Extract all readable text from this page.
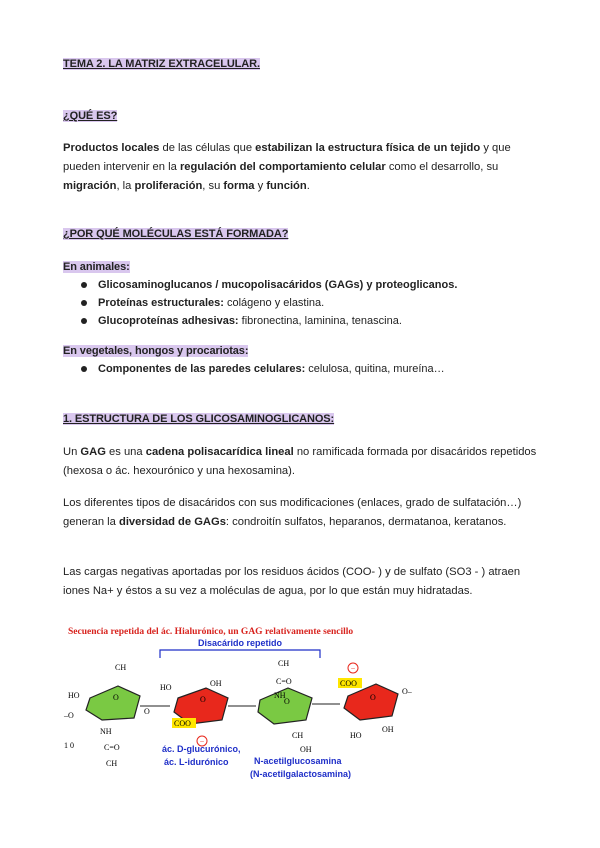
TEMA 2. LA MATRIZ EXTRACELULAR.
¿QUÉ ES?
Productos locales de las células que estabilizan la estructura física de un tejido y que pueden intervenir en la regulación del comportamiento celular como el desarrollo, su migración, la proliferación, su forma y función.
¿POR QUÉ MOLÉCULAS ESTÁ FORMADA?
En animales:
Glicosaminoglucanos / mucopolisacáridos (GAGs) y proteoglicanos.
Proteínas estructurales: colágeno y elastina.
Glucoproteínas adhesivas: fibronectina, laminina, tenascina.
En vegetales, hongos y procariotas:
Componentes de las paredes celulares: celulosa, quitina, mureína…
1. ESTRUCTURA DE LOS GLICOSAMINOGLICANOS:
Un GAG es una cadena polisacarídica lineal no ramificada formada por disacáridos repetidos (hexosa o ác. hexourónico y una hexosamina).
Los diferentes tipos de disacáridos con sus modificaciones (enlaces, grado de sulfatación…) generan la diversidad de GAGs: condroitín sulfatos, heparanos, dermatanoa, keratanos.
Las cargas negativas aportadas por los residuos ácidos (COO- ) y de sulfato (SO3 - ) atraen iones Na+ y éstos a su vez a moléculas de agua, por lo que están muy hidratadas.
Secuencia repetida del ác. Hialurónico, un GAG relativamente sencillo
Disacárido repetido
O
CH
HO
–O
NH
C=O
CH
O
O
HO	OH
COO
−
O
CH
C=O
NH
CH
OH
−
COO
O
O–
HO
OH
1 0	ác. D-glucurónico,
ác. L-idurónico	N-acetilglucosamina
(N-acetilgalactosamina)
